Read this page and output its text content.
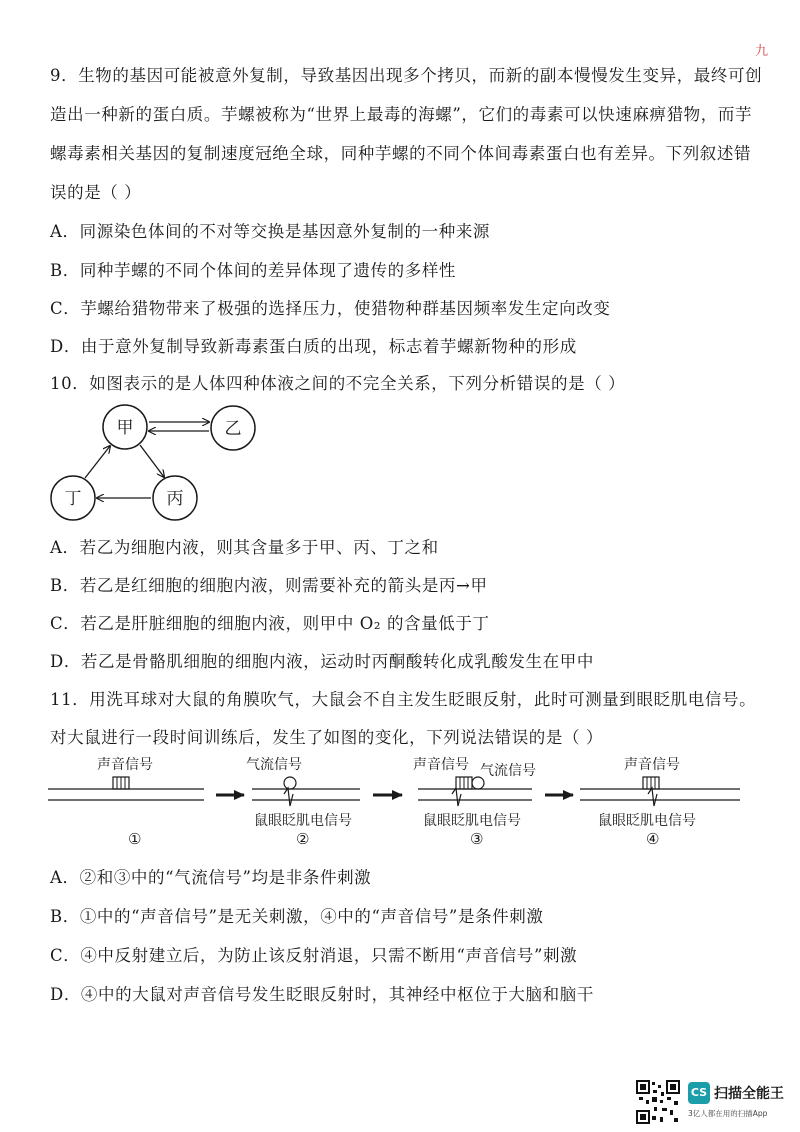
九
9．生物的基因可能被意外复制，导致基因出现多个拷贝，而新的副本慢慢发生变异，最终可创
造出一种新的蛋白质。芋螺被称为“世界上最毒的海螺”，它们的毒素可以快速麻痹猎物，而芋
螺毒素相关基因的复制速度冠绝全球，同种芋螺的不同个体间毒素蛋白也有差异。下列叙述错
误的是（ ）
A．同源染色体间的不对等交换是基因意外复制的一种来源
B．同种芋螺的不同个体间的差异体现了遗传的多样性
C．芋螺给猎物带来了极强的选择压力，使猎物种群基因频率发生定向改变
D．由于意外复制导致新毒素蛋白质的出现，标志着芋螺新物种的形成
10．如图表示的是人体四种体液之间的不完全关系，下列分析错误的是（ ）
甲	乙
丁	丙
A．若乙为细胞内液，则其含量多于甲、丙、丁之和
B．若乙是红细胞的细胞内液，则需要补充的箭头是丙→甲
C．若乙是肝脏细胞的细胞内液，则甲中 O₂ 的含量低于丁
D．若乙是骨骼肌细胞的细胞内液，运动时丙酮酸转化成乳酸发生在甲中
11．用洗耳球对大鼠的角膜吹气，大鼠会不自主发生眨眼反射，此时可测量到眼眨肌电信号。
对大鼠进行一段时间训练后，发生了如图的变化，下列说法错误的是（ ）
声音信号
①
气流信号
鼠眼眨肌电信号
②
声音信号 气流信号
鼠眼眨肌电信号
③
声音信号
鼠眼眨肌电信号
④
A．②和③中的“气流信号”均是非条件刺激
B．①中的“声音信号”是无关刺激，④中的“声音信号”是条件刺激
C．④中反射建立后，为防止该反射消退，只需不断用“声音信号”刺激
D．④中的大鼠对声音信号发生眨眼反射时，其神经中枢位于大脑和脑干
CS 扫描全能王
3亿人都在用的扫描App
